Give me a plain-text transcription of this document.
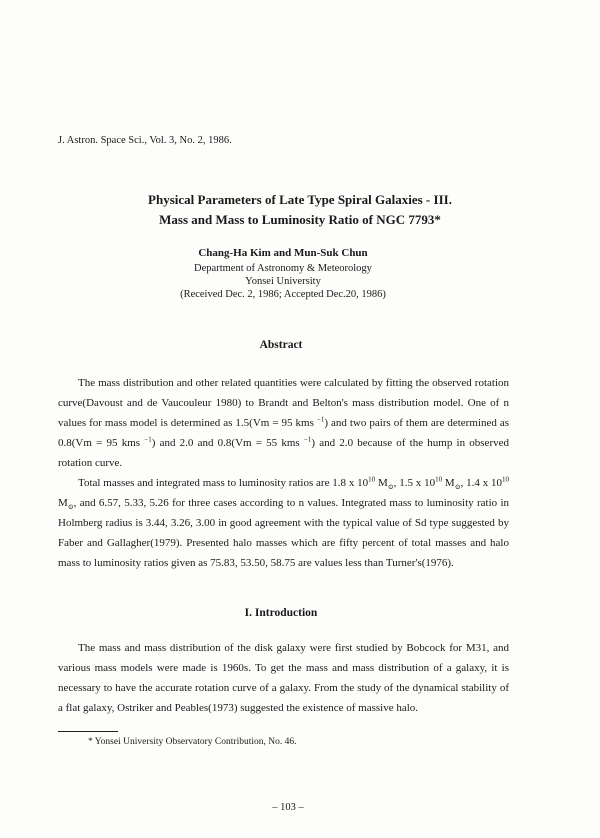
J. Astron. Space Sci., Vol. 3, No. 2, 1986.
Physical Parameters of Late Type Spiral Galaxies - III.
Mass and Mass to Luminosity Ratio of NGC 7793*
Chang-Ha Kim and Mun-Suk Chun
Department of Astronomy & Meteorology
Yonsei University
(Received Dec. 2, 1986; Accepted Dec.20, 1986)
Abstract

The mass distribution and other related quantities were calculated by fitting the observed rotation curve(Davoust and de Vaucouleur 1980) to Brandt and Belton's mass distribution model. One of n values for mass model is determined as 1.5(Vm = 95 kms $^{-1}$) and two pairs of them are determined as 0.8(Vm = 95 kms $^{-1}$) and 2.0 and 0.8(Vm = 55 kms $^{-1}$) and 2.0 because of the hump in observed rotation curve.

Total masses and integrated mass to luminosity ratios are 1.8 x $10^{10}$ $M_⊙$, 1.5 x $10^{10}$ $M_⊙$, 1.4 x $10^{10}$ $M_⊙$, and 6.57, 5.33, 5.26 for three cases according to n values. Integrated mass to luminosity ratio in Holmberg radius is 3.44, 3.26, 3.00 in good agreement with the typical value of Sd type suggested by Faber and Gallagher(1979). Presented halo masses which are fifty percent of total masses and halo mass to luminosity ratios given as 75.83, 53.50, 58.75 are values less than Turner's(1976).

I. Introduction

The mass and mass distribution of the disk galaxy were first studied by Bobcock for M31, and various mass models were made is 1960s. To get the mass and mass distribution of a galaxy, it is necessary to have the accurate rotation curve of a galaxy. From the study of the dynamical stability of a flat galaxy, Ostriker and Peables(1973) suggested the existence of massive halo.

* Yonsei University Observatory Contribution, No. 46.
– 103 –
